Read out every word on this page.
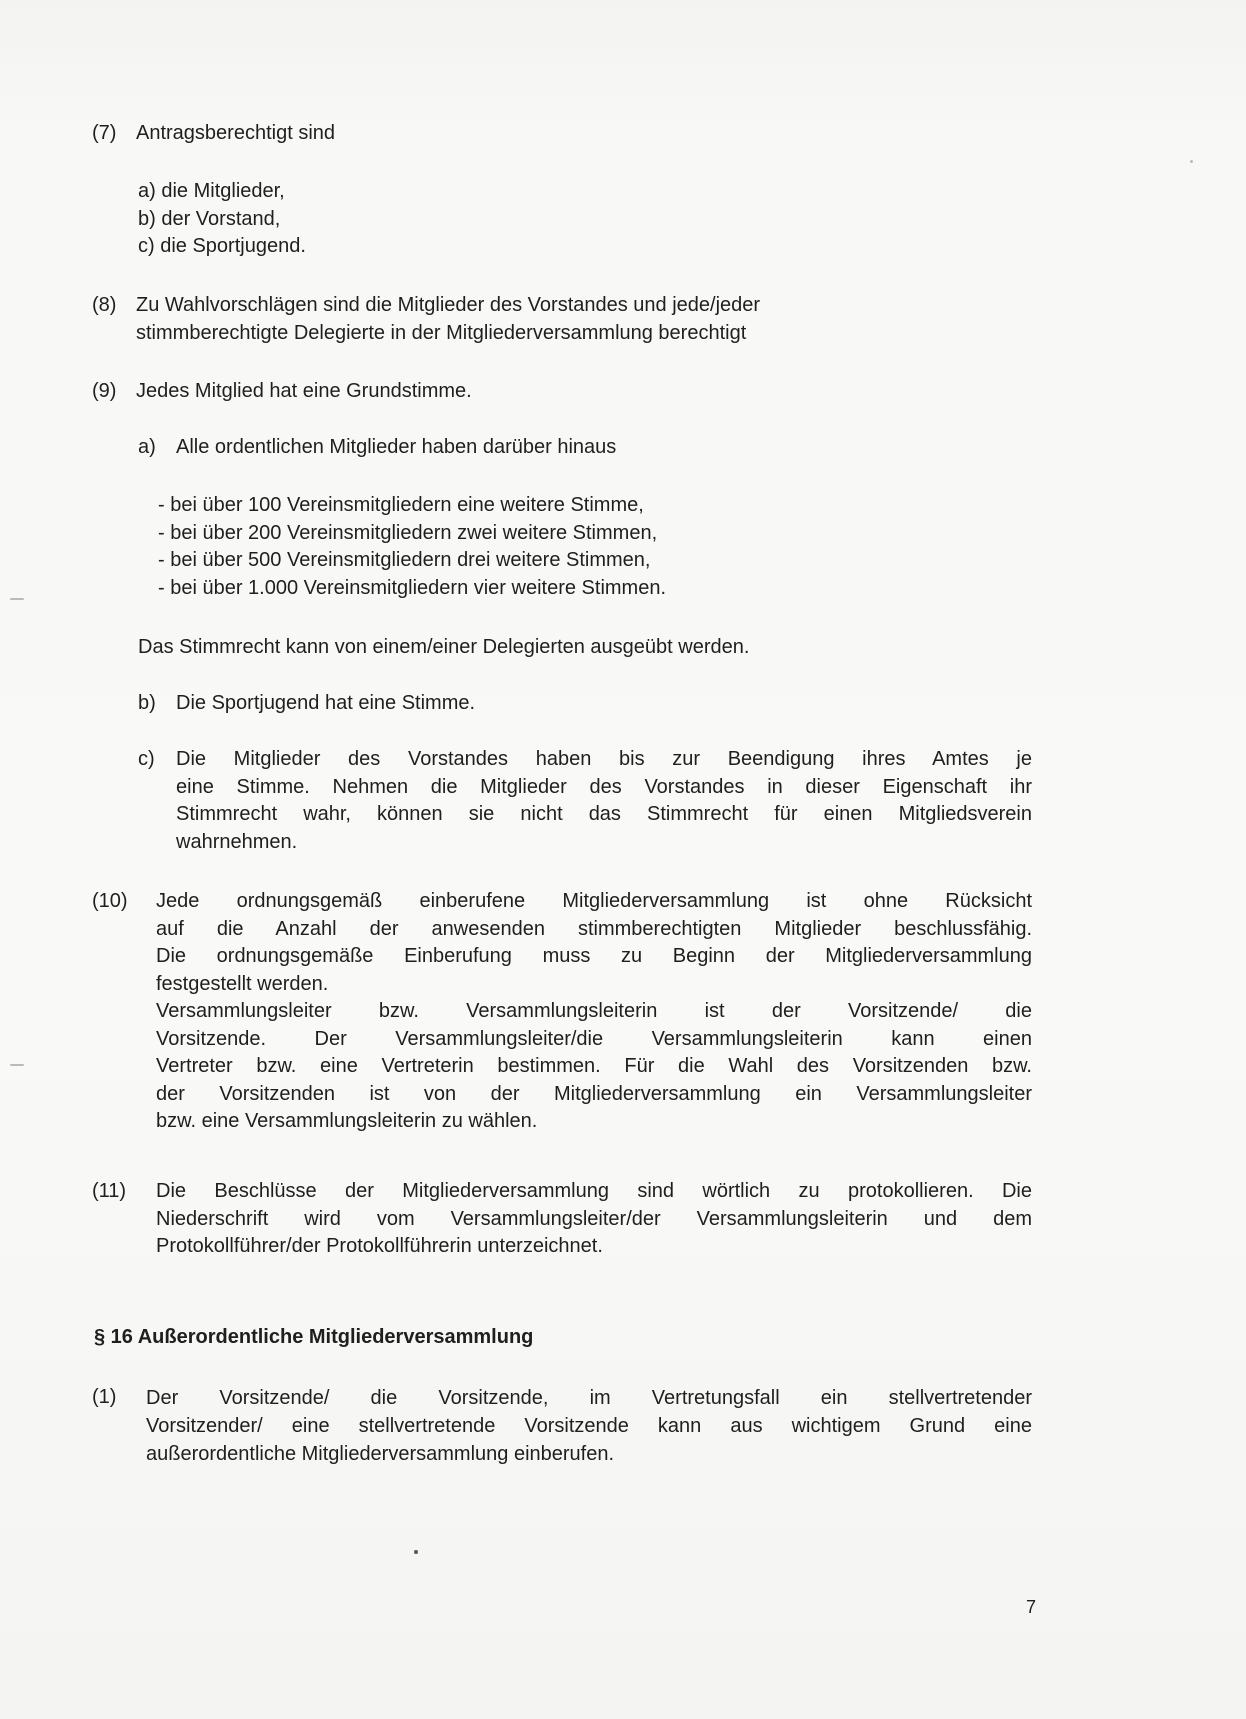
(7) Antragsberechtigt sind
a) die Mitglieder,
b) der Vorstand,
c) die Sportjugend.
(8) Zu Wahlvorschlägen sind die Mitglieder des Vorstandes und jede/jeder
stimmberechtigte Delegierte in der Mitgliederversammlung berechtigt
(9) Jedes Mitglied hat eine Grundstimme.
a) Alle ordentlichen Mitglieder haben darüber hinaus
- bei über 100 Vereinsmitgliedern eine weitere Stimme,
- bei über 200 Vereinsmitgliedern zwei weitere Stimmen,
- bei über 500 Vereinsmitgliedern drei weitere Stimmen,
- bei über 1.000 Vereinsmitgliedern vier weitere Stimmen.
Das Stimmrecht kann von einem/einer Delegierten ausgeübt werden.
b) Die Sportjugend hat eine Stimme.
c) Die Mitglieder des Vorstandes haben bis zur Beendigung ihres Amtes je
eine Stimme. Nehmen die Mitglieder des Vorstandes in dieser Eigenschaft ihr
Stimmrecht wahr, können sie nicht das Stimmrecht für einen Mitgliedsverein
wahrnehmen.
(10) Jede ordnungsgemäß einberufene Mitgliederversammlung ist ohne Rücksicht
auf die Anzahl der anwesenden stimmberechtigten Mitglieder beschlussfähig.
Die ordnungsgemäße Einberufung muss zu Beginn der Mitgliederversammlung
festgestellt werden.
Versammlungsleiter bzw. Versammlungsleiterin ist der Vorsitzende/ die
Vorsitzende. Der Versammlungsleiter/die Versammlungsleiterin kann einen
Vertreter bzw. eine Vertreterin bestimmen. Für die Wahl des Vorsitzenden bzw.
der Vorsitzenden ist von der Mitgliederversammlung ein Versammlungsleiter
bzw. eine Versammlungsleiterin zu wählen.
(11) Die Beschlüsse der Mitgliederversammlung sind wörtlich zu protokollieren. Die
Niederschrift wird vom Versammlungsleiter/der Versammlungsleiterin und dem
Protokollführer/der Protokollführerin unterzeichnet.
§ 16 Außerordentliche Mitgliederversammlung
(1) Der Vorsitzende/ die Vorsitzende, im Vertretungsfall ein stellvertretender
Vorsitzender/ eine stellvertretende Vorsitzende kann aus wichtigem Grund eine
außerordentliche Mitgliederversammlung einberufen.
7
